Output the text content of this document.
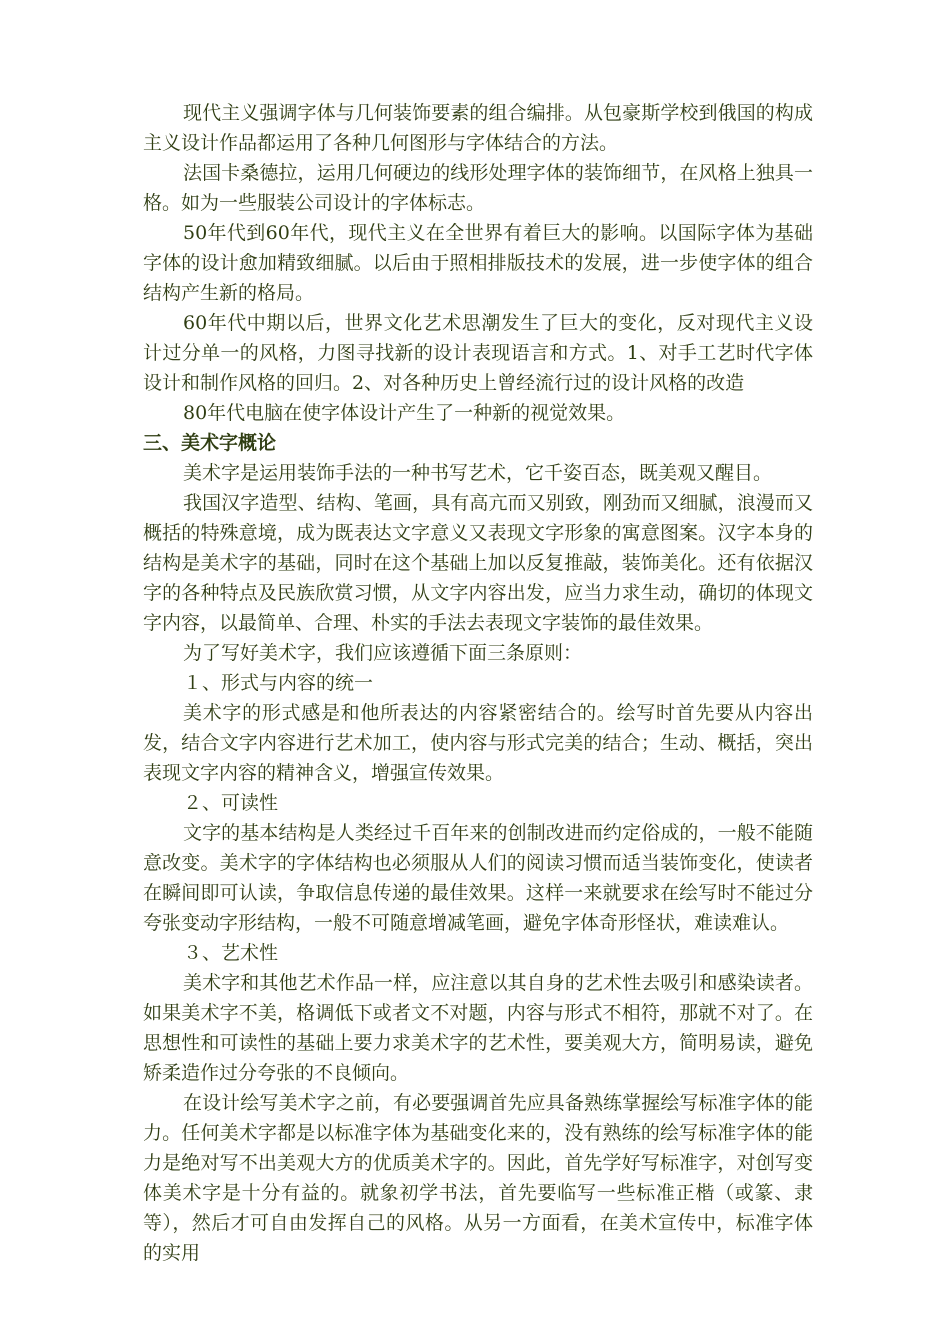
现代主义强调字体与几何装饰要素的组合编排。从包豪斯学校到俄国的构成主义设计作品都运用了各种几何图形与字体结合的方法。

法国卡桑德拉，运用几何硬边的线形处理字体的装饰细节，在风格上独具一格。如为一些服装公司设计的字体标志。

50年代到60年代，现代主义在全世界有着巨大的影响。以国际字体为基础字体的设计愈加精致细腻。以后由于照相排版技术的发展，进一步使字体的组合结构产生新的格局。

60年代中期以后，世界文化艺术思潮发生了巨大的变化，反对现代主义设计过分单一的风格，力图寻找新的设计表现语言和方式。1、对手工艺时代字体设计和制作风格的回归。2、对各种历史上曾经流行过的设计风格的改造

80年代电脑在使字体设计产生了一种新的视觉效果。

三、美术字概论

美术字是运用装饰手法的一种书写艺术，它千姿百态，既美观又醒目。

我国汉字造型、结构、笔画，具有高亢而又别致，刚劲而又细腻，浪漫而又概括的特殊意境，成为既表达文字意义又表现文字形象的寓意图案。汉字本身的结构是美术字的基础，同时在这个基础上加以反复推敲，装饰美化。还有依据汉字的各种特点及民族欣赏习惯，从文字内容出发，应当力求生动，确切的体现文字内容，以最简单、合理、朴实的手法去表现文字装饰的最佳效果。

为了写好美术字，我们应该遵循下面三条原则：

１、形式与内容的统一

美术字的形式感是和他所表达的内容紧密结合的。绘写时首先要从内容出发，结合文字内容进行艺术加工，使内容与形式完美的结合；生动、概括，突出表现文字内容的精神含义，增强宣传效果。

２、可读性

文字的基本结构是人类经过千百年来的创制改进而约定俗成的，一般不能随意改变。美术字的字体结构也必须服从人们的阅读习惯而适当装饰变化，使读者在瞬间即可认读，争取信息传递的最佳效果。这样一来就要求在绘写时不能过分夸张变动字形结构，一般不可随意增减笔画，避免字体奇形怪状，难读难认。

３、艺术性

美术字和其他艺术作品一样，应注意以其自身的艺术性去吸引和感染读者。如果美术字不美，格调低下或者文不对题，内容与形式不相符，那就不对了。在思想性和可读性的基础上要力求美术字的艺术性，要美观大方，简明易读，避免矫柔造作过分夸张的不良倾向。

在设计绘写美术字之前，有必要强调首先应具备熟练掌握绘写标准字体的能力。任何美术字都是以标准字体为基础变化来的，没有熟练的绘写标准字体的能力是绝对写不出美观大方的优质美术字的。因此，首先学好写标准字，对创写变体美术字是十分有益的。就象初学书法，首先要临写一些标准正楷（或篆、隶等），然后才可自由发挥自己的风格。从另一方面看，在美术宣传中，标准字体的实用
